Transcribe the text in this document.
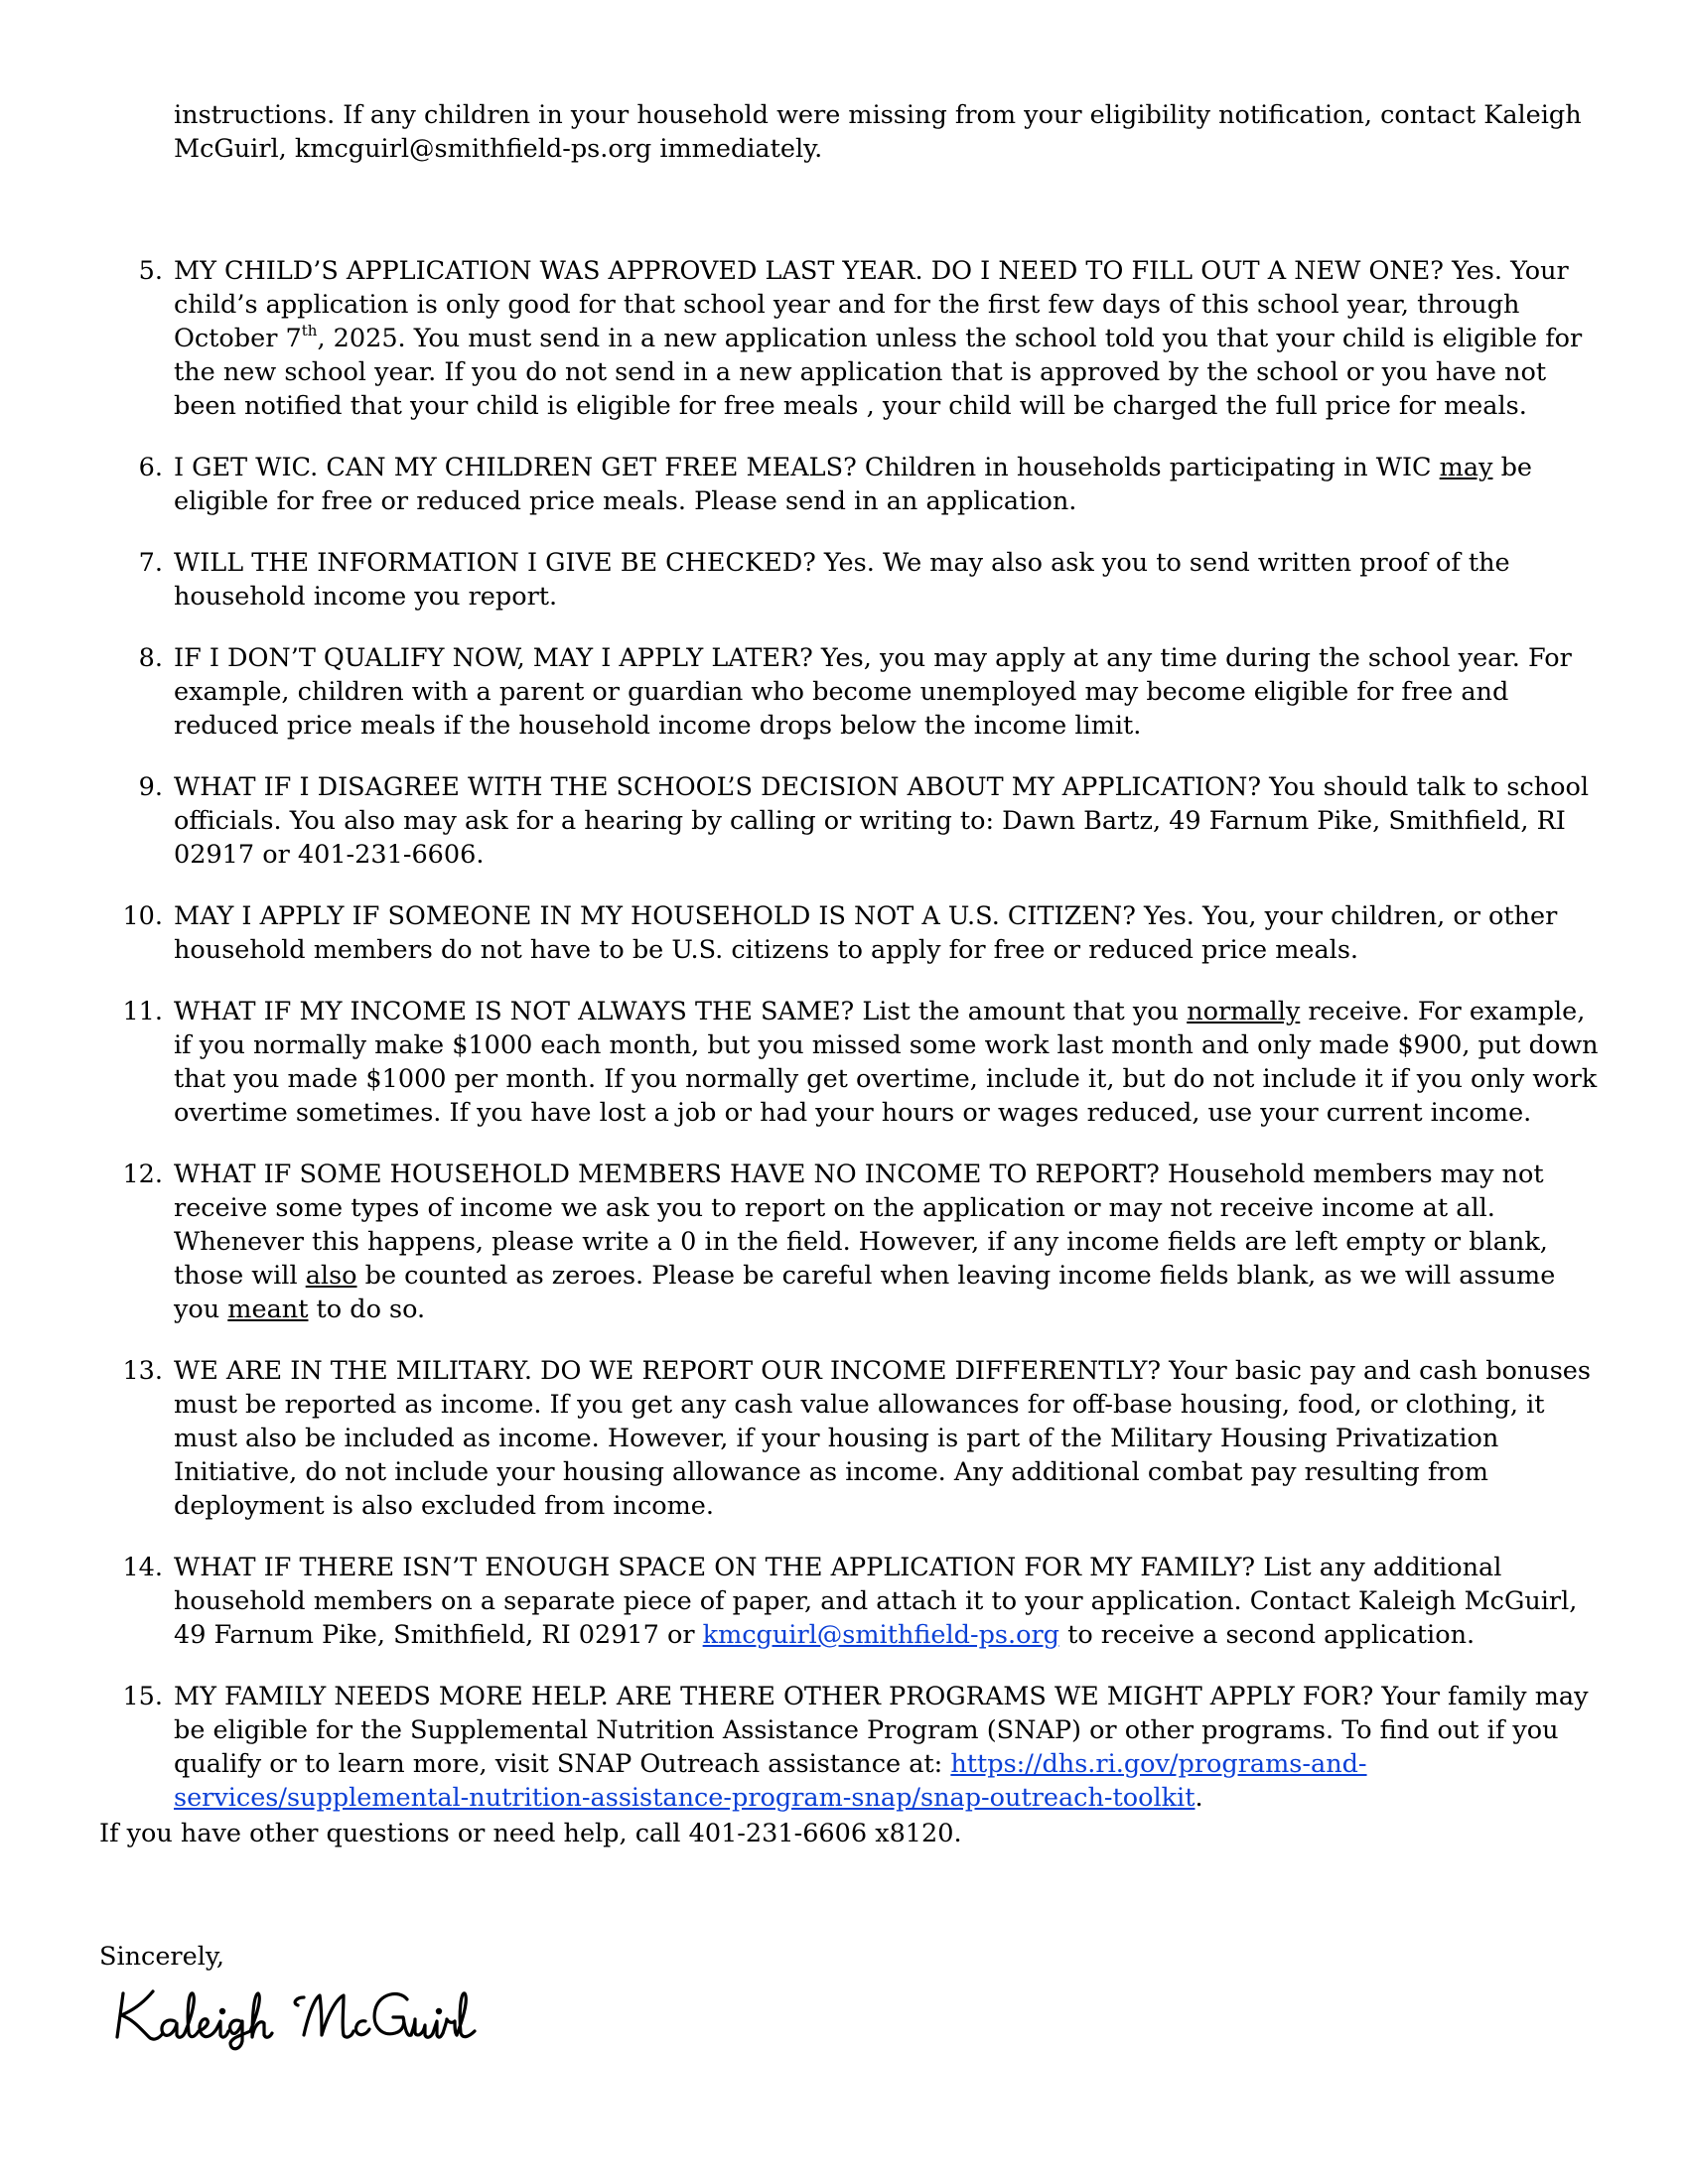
instructions. If any children in your household were missing from your eligibility notification, contact Kaleigh McGuirl, kmcguirl@smithfield-ps.org immediately.

5. MY CHILD’S APPLICATION WAS APPROVED LAST YEAR. DO I NEED TO FILL OUT A NEW ONE? Yes. Your child’s application is only good for that school year and for the first few days of this school year, through October 7th, 2025. You must send in a new application unless the school told you that your child is eligible for the new school year. If you do not send in a new application that is approved by the school or you have not been notified that your child is eligible for free meals , your child will be charged the full price for meals.

6. I GET WIC. CAN MY CHILDREN GET FREE MEALS? Children in households participating in WIC may be eligible for free or reduced price meals. Please send in an application.

7. WILL THE INFORMATION I GIVE BE CHECKED? Yes. We may also ask you to send written proof of the household income you report.

8. IF I DON’T QUALIFY NOW, MAY I APPLY LATER? Yes, you may apply at any time during the school year. For example, children with a parent or guardian who become unemployed may become eligible for free and reduced price meals if the household income drops below the income limit.

9. WHAT IF I DISAGREE WITH THE SCHOOL’S DECISION ABOUT MY APPLICATION? You should talk to school officials. You also may ask for a hearing by calling or writing to: Dawn Bartz, 49 Farnum Pike, Smithfield, RI 02917 or 401-231-6606.

10. MAY I APPLY IF SOMEONE IN MY HOUSEHOLD IS NOT A U.S. CITIZEN? Yes. You, your children, or other household members do not have to be U.S. citizens to apply for free or reduced price meals.

11. WHAT IF MY INCOME IS NOT ALWAYS THE SAME? List the amount that you normally receive. For example, if you normally make $1000 each month, but you missed some work last month and only made $900, put down that you made $1000 per month. If you normally get overtime, include it, but do not include it if you only work overtime sometimes. If you have lost a job or had your hours or wages reduced, use your current income.

12. WHAT IF SOME HOUSEHOLD MEMBERS HAVE NO INCOME TO REPORT? Household members may not receive some types of income we ask you to report on the application or may not receive income at all. Whenever this happens, please write a 0 in the field. However, if any income fields are left empty or blank, those will also be counted as zeroes. Please be careful when leaving income fields blank, as we will assume you meant to do so.

13. WE ARE IN THE MILITARY. DO WE REPORT OUR INCOME DIFFERENTLY? Your basic pay and cash bonuses must be reported as income. If you get any cash value allowances for off-base housing, food, or clothing, it must also be included as income. However, if your housing is part of the Military Housing Privatization Initiative, do not include your housing allowance as income. Any additional combat pay resulting from deployment is also excluded from income.

14. WHAT IF THERE ISN’T ENOUGH SPACE ON THE APPLICATION FOR MY FAMILY? List any additional household members on a separate piece of paper, and attach it to your application. Contact Kaleigh McGuirl, 49 Farnum Pike, Smithfield, RI 02917 or kmcguirl@smithfield-ps.org to receive a second application.

15. MY FAMILY NEEDS MORE HELP. ARE THERE OTHER PROGRAMS WE MIGHT APPLY FOR? Your family may be eligible for the Supplemental Nutrition Assistance Program (SNAP) or other programs. To find out if you qualify or to learn more, visit SNAP Outreach assistance at: https://dhs.ri.gov/programs-and-services/supplemental-nutrition-assistance-program-snap/snap-outreach-toolkit.

If you have other questions or need help, call 401-231-6606 x8120.

Sincerely,
